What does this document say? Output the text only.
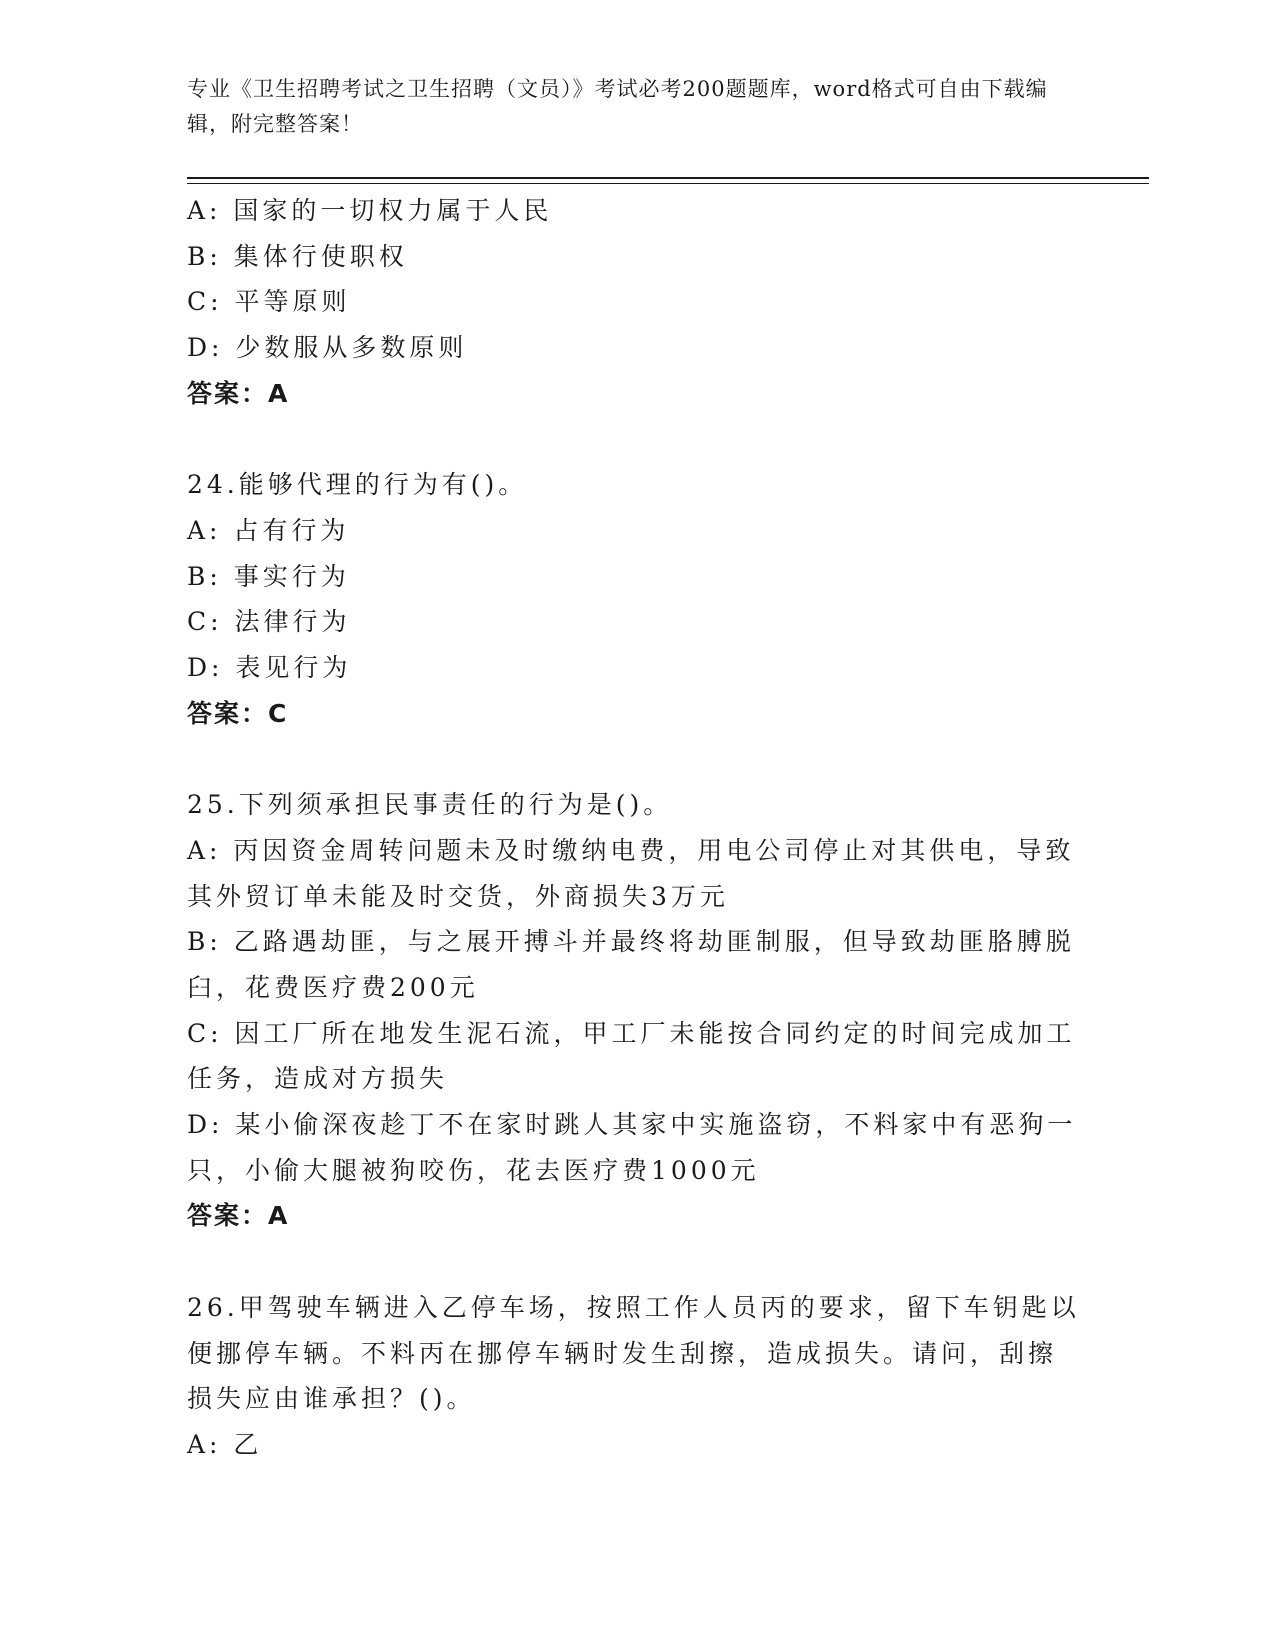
专业《卫生招聘考试之卫生招聘（文员）》考试必考200题题库，word格式可自由下载编辑，附完整答案！
A: 国家的一切权力属于人民
B: 集体行使职权
C: 平等原则
D: 少数服从多数原则
答案：A
24.能够代理的行为有()。
A: 占有行为
B: 事实行为
C: 法律行为
D: 表见行为
答案：C
25.下列须承担民事责任的行为是()。
A: 丙因资金周转问题未及时缴纳电费，用电公司停止对其供电，导致
其外贸订单未能及时交货，外商损失3万元
B: 乙路遇劫匪，与之展开搏斗并最终将劫匪制服，但导致劫匪胳膊脱
臼，花费医疗费200元
C: 因工厂所在地发生泥石流，甲工厂未能按合同约定的时间完成加工
任务，造成对方损失
D: 某小偷深夜趁丁不在家时跳人其家中实施盗窃，不料家中有恶狗一
只，小偷大腿被狗咬伤，花去医疗费1000元
答案：A
26.甲驾驶车辆进入乙停车场，按照工作人员丙的要求，留下车钥匙以
便挪停车辆。不料丙在挪停车辆时发生刮擦，造成损失。请问，刮擦
损失应由谁承担？()。
A: 乙
